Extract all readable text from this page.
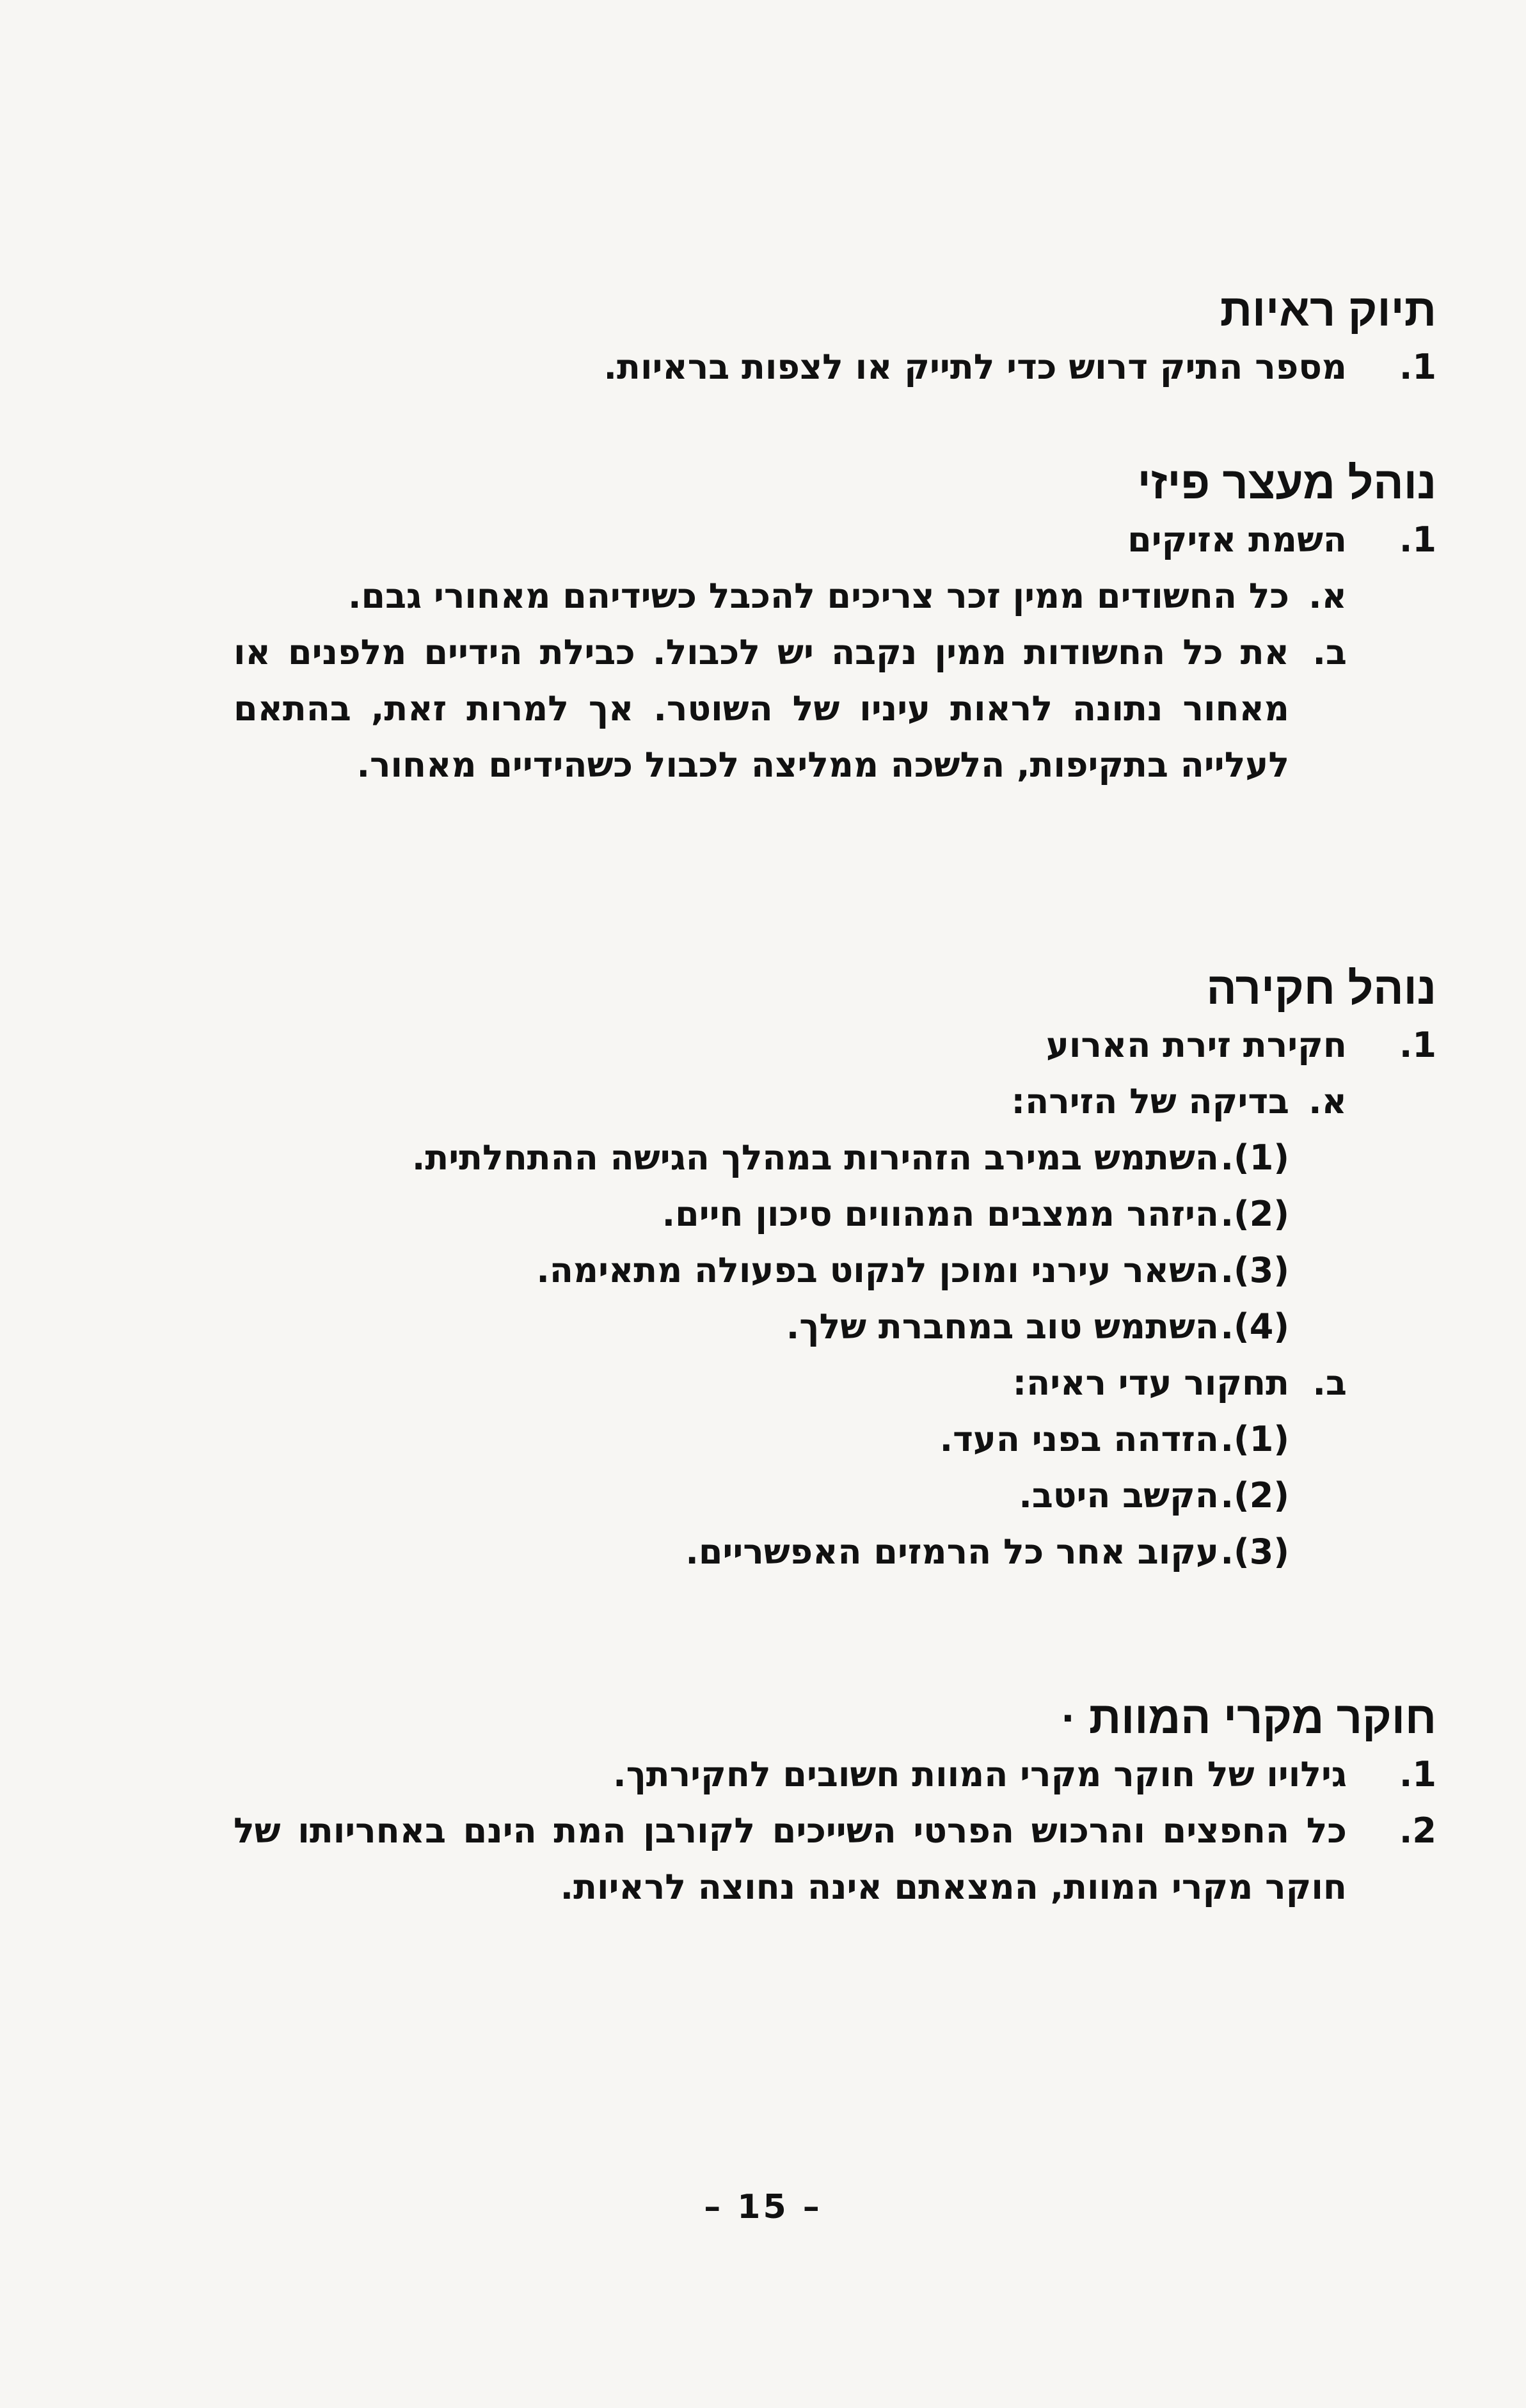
תיוק ראיות
1.
מספר התיק דרוש כדי לתייק או לצפות בראיות.
נוהל מעצר פיזי
1.
השמת אזיקים
א.
כל החשודים ממין זכר צריכים להכבל כשידיהם מאחורי גבם.
ב.
את כל החשודות ממין נקבה יש לכבול. כבילת הידיים מלפנים או מאחור נתונה לראות עיניו של השוטר. אך למרות זאת, בהתאם לעלייה בתקיפות, הלשכה ממליצה לכבול כשהידיים מאחור.
נוהל חקירה
1.
חקירת זירת הארוע
א.
בדיקה של הזירה:
(1).
השתמש במירב הזהירות במהלך הגישה ההתחלתית.
(2).
היזהר ממצבים המהווים סיכון חיים.
(3).
השאר עירני ומוכן לנקוט בפעולה מתאימה.
(4).
השתמש טוב במחברת שלך.
ב.
תחקור עדי ראיה:
(1).
הזדהה בפני העד.
(2).
הקשב היטב.
(3).
עקוב אחר כל הרמזים האפשריים.
חוקר מקרי המוות ·
1.
גילויו של חוקר מקרי המוות חשובים לחקירתך.
2.
כל החפצים והרכוש הפרטי השייכים לקורבן המת הינם באחריותו של חוקר מקרי המוות, המצאתם אינה נחוצה לראיות.
– 15 –
